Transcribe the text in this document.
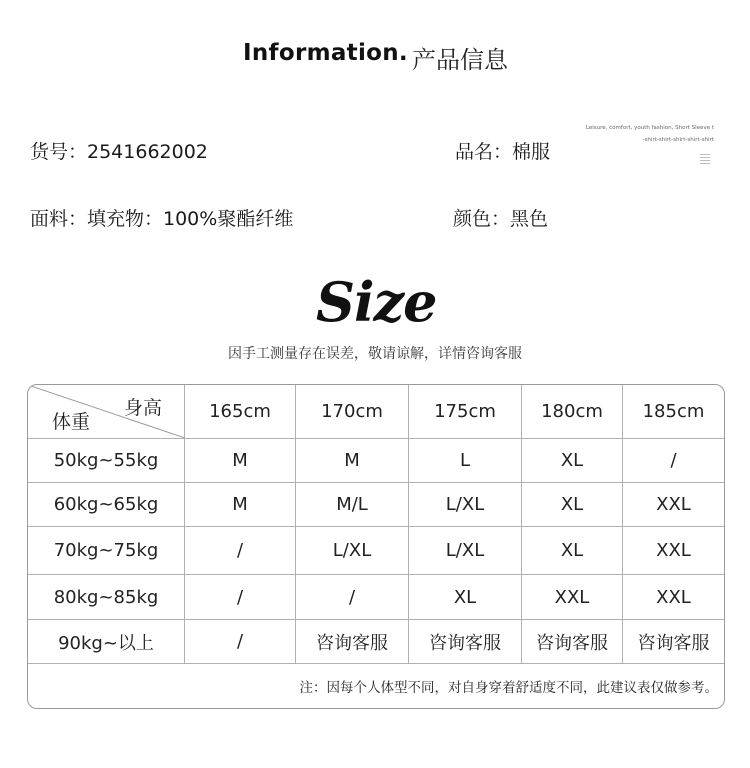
Information. 产品信息
货号：2541662002	品名：棉服
面料：填充物：100%聚酯纤维	颜色：黑色
Leisure, comfort, youth fashion, Short Sleeve t
-shirt-shirt-shirt-shirt-shirt
Size
因手工测量存在误差，敬请谅解，详情咨询客服
身高
体重	165cm	170cm	175cm	180cm	185cm
50kg~55kg	M	M	L	XL	/
60kg~65kg	M	M/L	L/XL	XL	XXL
70kg~75kg	/	L/XL	L/XL	XL	XXL
80kg~85kg	/	/	XL	XXL	XXL
90kg~以上	/	咨询客服	咨询客服	咨询客服	咨询客服
注：因每个人体型不同，对自身穿着舒适度不同，此建议表仅做参考。					
